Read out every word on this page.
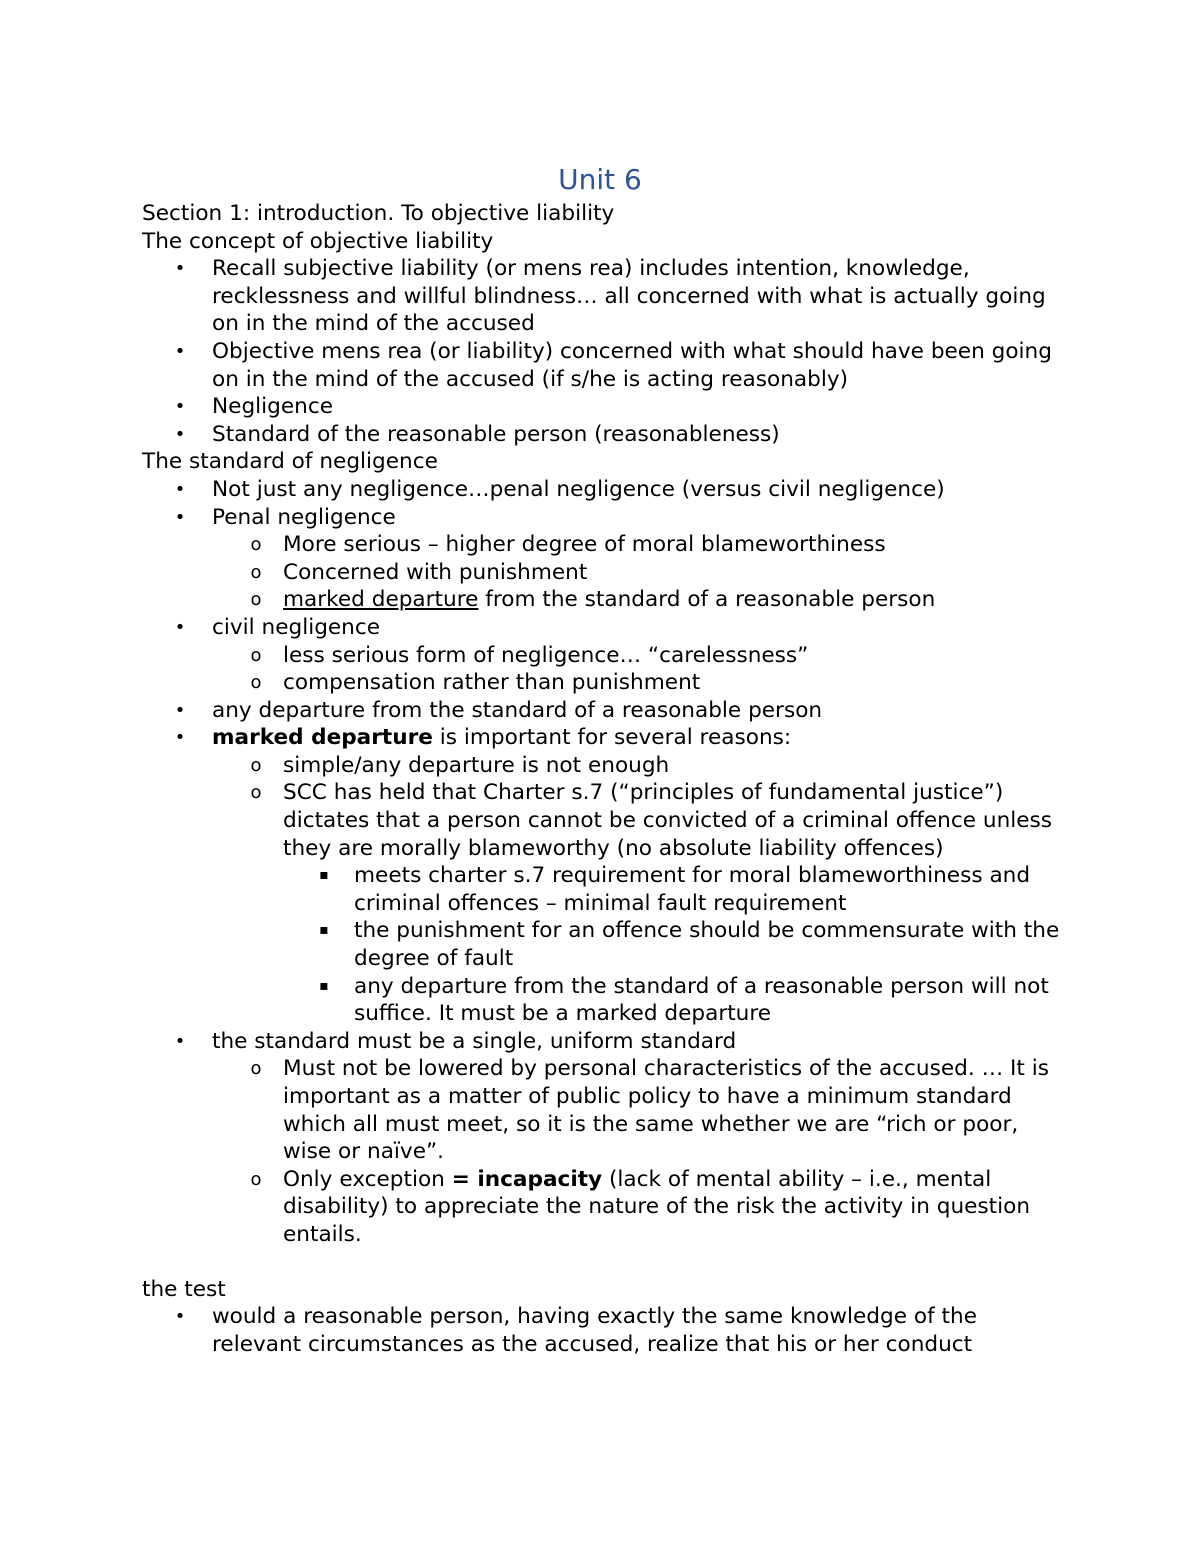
Unit 6

Section 1: introduction. To objective liability

The concept of objective liability

• Recall subjective liability (or mens rea) includes intention, knowledge, recklessness and willful blindness… all concerned with what is actually going on in the mind of the accused
• Objective mens rea (or liability) concerned with what should have been going on in the mind of the accused (if s/he is acting reasonably)
• Negligence
• Standard of the reasonable person (reasonableness)

The standard of negligence

• Not just any negligence…penal negligence (versus civil negligence)
• Penal negligence
o More serious – higher degree of moral blameworthiness
o Concerned with punishment
o marked departure from the standard of a reasonable person
• civil negligence
o less serious form of negligence… “carelessness”
o compensation rather than punishment
• any departure from the standard of a reasonable person
• marked departure is important for several reasons:
o simple/any departure is not enough
o SCC has held that Charter s.7 (“principles of fundamental justice”) dictates that a person cannot be convicted of a criminal offence unless they are morally blameworthy (no absolute liability offences)
▪ meets charter s.7 requirement for moral blameworthiness and criminal offences – minimal fault requirement
▪ the punishment for an offence should be commensurate with the degree of fault
▪ any departure from the standard of a reasonable person will not suffice. It must be a marked departure
• the standard must be a single, uniform standard
o Must not be lowered by personal characteristics of the accused. … It is important as a matter of public policy to have a minimum standard which all must meet, so it is the same whether we are “rich or poor, wise or naïve”.
o Only exception = incapacity (lack of mental ability – i.e., mental disability) to appreciate the nature of the risk the activity in question entails.

the test

• would a reasonable person, having exactly the same knowledge of the relevant circumstances as the accused, realize that his or her conduct
